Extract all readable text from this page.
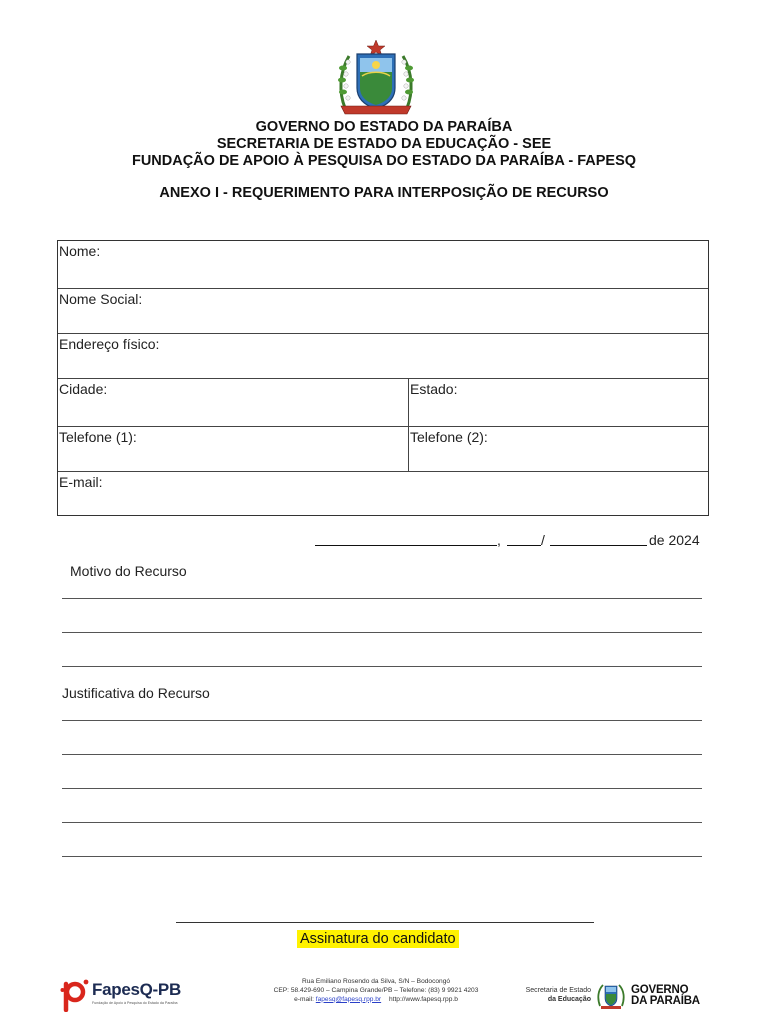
GOVERNO DO ESTADO DA PARAÍBA
SECRETARIA DE ESTADO DA EDUCAÇÃO - SEE
FUNDAÇÃO DE APOIO À PESQUISA DO ESTADO DA PARAÍBA - FAPESQ
ANEXO I - REQUERIMENTO PARA INTERPOSIÇÃO DE RECURSO
Nome:
Nome Social:
Endereço físico:
Cidade:	Estado:
Telefone (1):	Telefone (2):
E-mail:
,	/	de 2024
Motivo do Recurso
Justificativa do Recurso
Assinatura do candidato
FapesQ-PB
Fundação de Apoio à Pesquisa do Estado da Paraíba
Rua Emiliano Rosendo da Silva, S/N – Bodocongó
CEP: 58.429-690 – Campina Grande/PB – Telefone: (83) 9 9921 4203
e-mail: fapesq@fapesq.rpp.br http://www.fapesq.rpp.b
Secretaria de Estado
da Educação
GOVERNO
DA PARAÍBA
